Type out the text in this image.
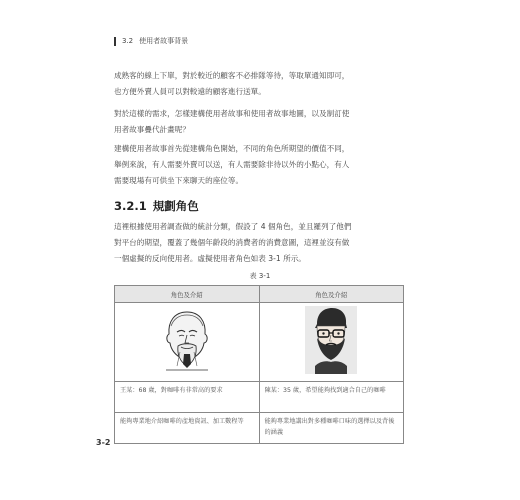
3.2 使用者故事背景

成熟客的線上下單，對於較近的顧客不必排隊等待，等取單通知即可，
也方便外賣人員可以對較遠的顧客進行送單。

對於這樣的需求，怎樣建構使用者故事和使用者故事地圖，以及制訂使
用者故事疊代計畫呢？

建構使用者故事首先從建構角色開始，不同的角色所期望的價值不同，
舉例來說，有人需要外賣可以送，有人需要除非待以外的小點心，有人
需要現場有可供坐下來聊天的座位等。

3.2.1 規劃角色

這裡根據使用者調查做的統計分類，假設了 4 個角色，並且羅列了他們
對平台的期望，覆蓋了幾個年齡段的消費者的消費意圖，這裡並沒有做
一個虛擬的反向使用者。虛擬使用者角色如表 3-1 所示。

表 3-1
角色及介紹	角色及介紹

王某：68 歲，對咖啡有非常高的要求	陳某：35 歲，希望能夠找到適合自己的咖啡
能夠專業地介紹咖啡的產地資訊、加工數程等	能夠專業地講出對多種咖啡口味的選擇以及背後的涵義
3-2
